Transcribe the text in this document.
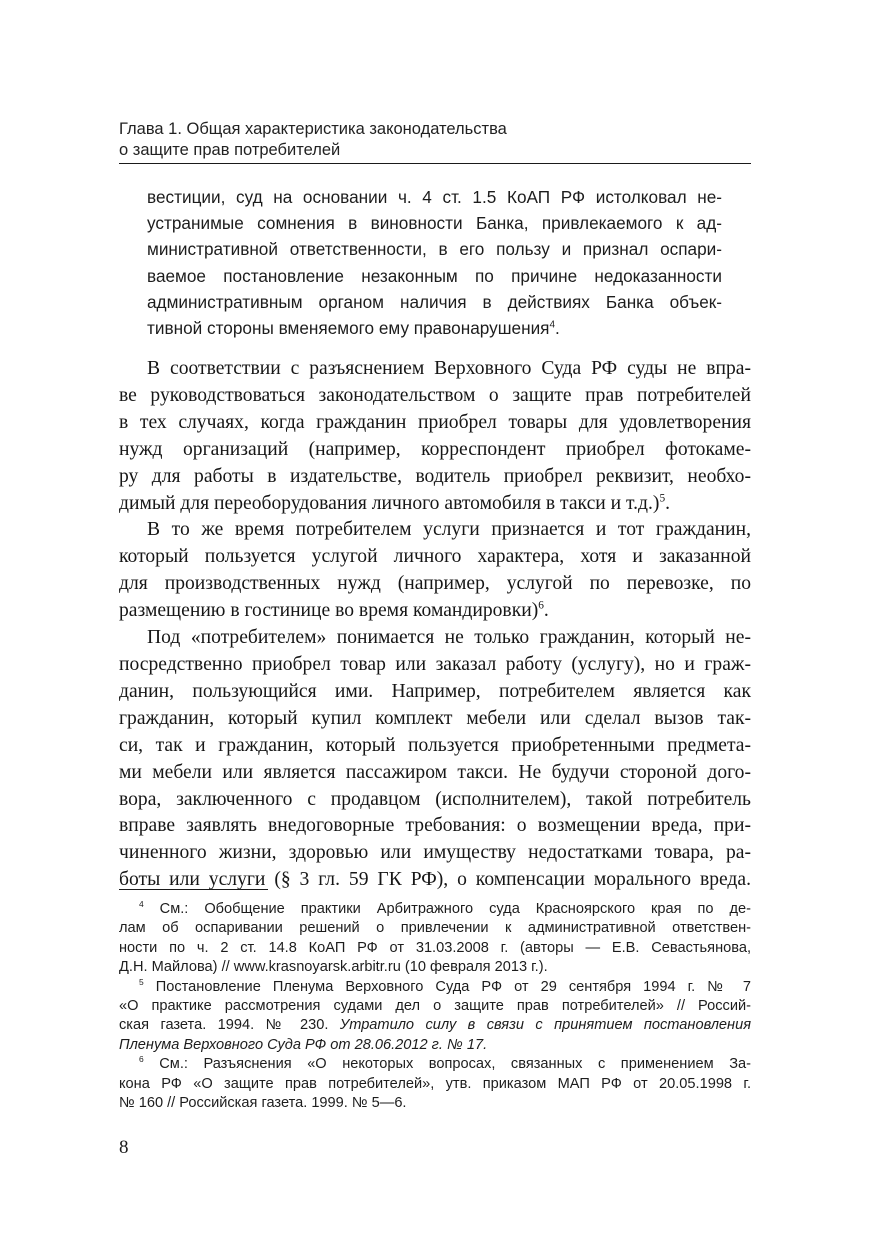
Глава 1. Общая характеристика законодательства
о защите прав потребителей
вестиции, суд на основании ч. 4 ст. 1.5 КоАП РФ истолковал не-
устранимые сомнения в виновности Банка, привлекаемого к ад-
министративной ответственности, в его пользу и признал оспари-
ваемое постановление незаконным по причине недоказанности
административным органом наличия в действиях Банка объек-
тивной стороны вменяемого ему правонарушения$^4$.
В соответствии с разъяснением Верховного Суда РФ суды не впра-
ве руководствоваться законодательством о защите прав потребителей
в тех случаях, когда гражданин приобрел товары для удовлетворения
нужд организаций (например, корреспондент приобрел фотокаме-
ру для работы в издательстве, водитель приобрел реквизит, необхо-
димый для переоборудования личного автомобиля в такси и т.д.)$^5$.
В то же время потребителем услуги признается и тот гражданин,
который пользуется услугой личного характера, хотя и заказанной
для производственных нужд (например, услугой по перевозке, по
размещению в гостинице во время командировки)$^6$.
Под «потребителем» понимается не только гражданин, который не-
посредственно приобрел товар или заказал работу (услугу), но и граж-
данин, пользующийся ими. Например, потребителем является как
гражданин, который купил комплект мебели или сделал вызов так-
си, так и гражданин, который пользуется приобретенными предмета-
ми мебели или является пассажиром такси. Не будучи стороной дого-
вора, заключенного с продавцом (исполнителем), такой потребитель
вправе заявлять внедоговорные требования: о возмещении вреда, при-
чиненного жизни, здоровью или имуществу недостатками товара, ра-
боты или услуги (§ 3 гл. 59 ГК РФ), о компенсации морального вреда.
$^4$ См.: Обобщение практики Арбитражного суда Красноярского края по де-
лам об оспаривании решений о привлечении к административной ответствен-
ности по ч. 2 ст. 14.8 КоАП РФ от 31.03.2008 г. (авторы — Е.В. Севастьянова,
Д.Н. Майлова) // www.krasnoyarsk.arbitr.ru (10 февраля 2013 г.).
$^5$ Постановление Пленума Верховного Суда РФ от 29 сентября 1994 г. № 7
«О практике рассмотрения судами дел о защите прав потребителей» // Россий-
ская газета. 1994. № 230. Утратило силу в связи с принятием постановления
Пленума Верховного Суда РФ от 28.06.2012 г. № 17.
$^6$ См.: Разъяснения «О некоторых вопросах, связанных с применением За-
кона РФ «О защите прав потребителей», утв. приказом МАП РФ от 20.05.1998 г.
№ 160 // Российская газета. 1999. № 5—6.
8
